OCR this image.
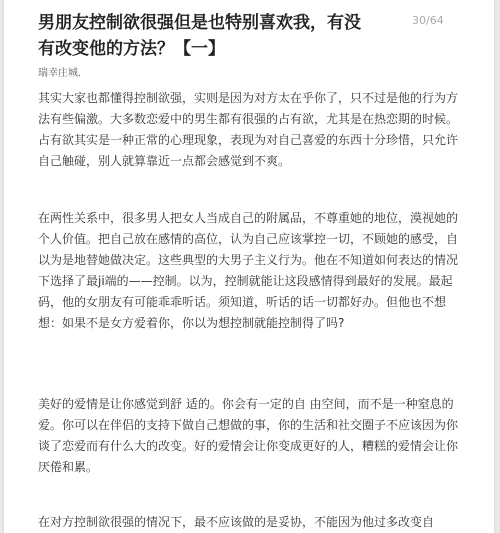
男朋友控制欲很强但是也特别喜欢我，有没有改变他的方法？【一】
30/64
瑞幸庄城.

其实大家也都懂得控制欲强，实则是因为对方太在乎你了，只不过是他的行为方法有些偏激。大多数恋爱中的男生都有很强的占有欲，尤其是在热恋期的时候。占有欲其实是一种正常的心理现象，表现为对自己喜爱的东西十分珍惜，只允许自己触碰，别人就算靠近一点都会感觉到不爽。

在两性关系中，很多男人把女人当成自己的附属品，不尊重她的地位，漠视她的个人价值。把自己放在感情的高位，认为自己应该掌控一切，不顾她的感受，自以为是地替她做决定。这些典型的大男子主义行为。他在不知道如何表达的情况下选择了最ji端的——控制。以为，控制就能让这段感情得到最好的发展。最起码，他的女朋友有可能乖乖听话。须知道，听话的话一切都好办。但他也不想想：如果不是女方爱着你，你以为想控制就能控制得了吗?

美好的爱情是让你感觉到舒 适的。你会有一定的自 由空间，而不是一种窒息的爱。你可以在伴侣的支持下做自己想做的事，你的生活和社交圈子不应该因为你谈了恋爱而有什么大的改变。好的爱情会让你变成更好的人，糟糕的爱情会让你厌倦和累。

在对方控制欲很强的情况下，最不应该做的是妥协，不能因为他过多改变自
